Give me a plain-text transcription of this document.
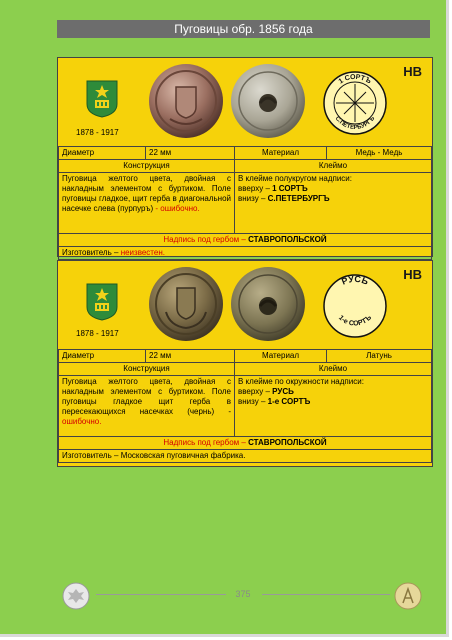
Пуговицы обр. 1856 года
НВ
1878 - 1917
1 СОРТЪ
С.ПЕТЕРБУРГЪ
Диаметр	22 мм	Материал	Медь - Медь
Конструкция		Клеймо	
Пуговица желтого цвета, двойная с накладным элементом с буртиком. Поле пуговицы гладкое, щит герба в диагональной насечке слева (пурпуръ) - ошибочно.		В клейме полукругом надписи:
вверху – 1 СОРТЪ
внизу – С.ПЕТЕРБУРГЪ	

Надпись под гербом – СТАВРОПОЛЬСКОЙ			
Изготовитель – неизвестен.			
НВ
1878 - 1917
РУСЬ
1-е СОРТЪ
Диаметр	22 мм	Материал	Латунь
Конструкция		Клеймо	
Пуговица желтого цвета, двойная с накладным элементом с буртиком. Поле пуговицы гладкое щит герба в пересекающихся насечках (чернь) - ошибочно.		В клейме по окружности надписи:
вверху – РУСЬ
внизу – 1-е СОРТЪ	

Надпись под гербом – СТАВРОПОЛЬСКОЙ			
Изготовитель – Московская пуговичная фабрика.			
375
